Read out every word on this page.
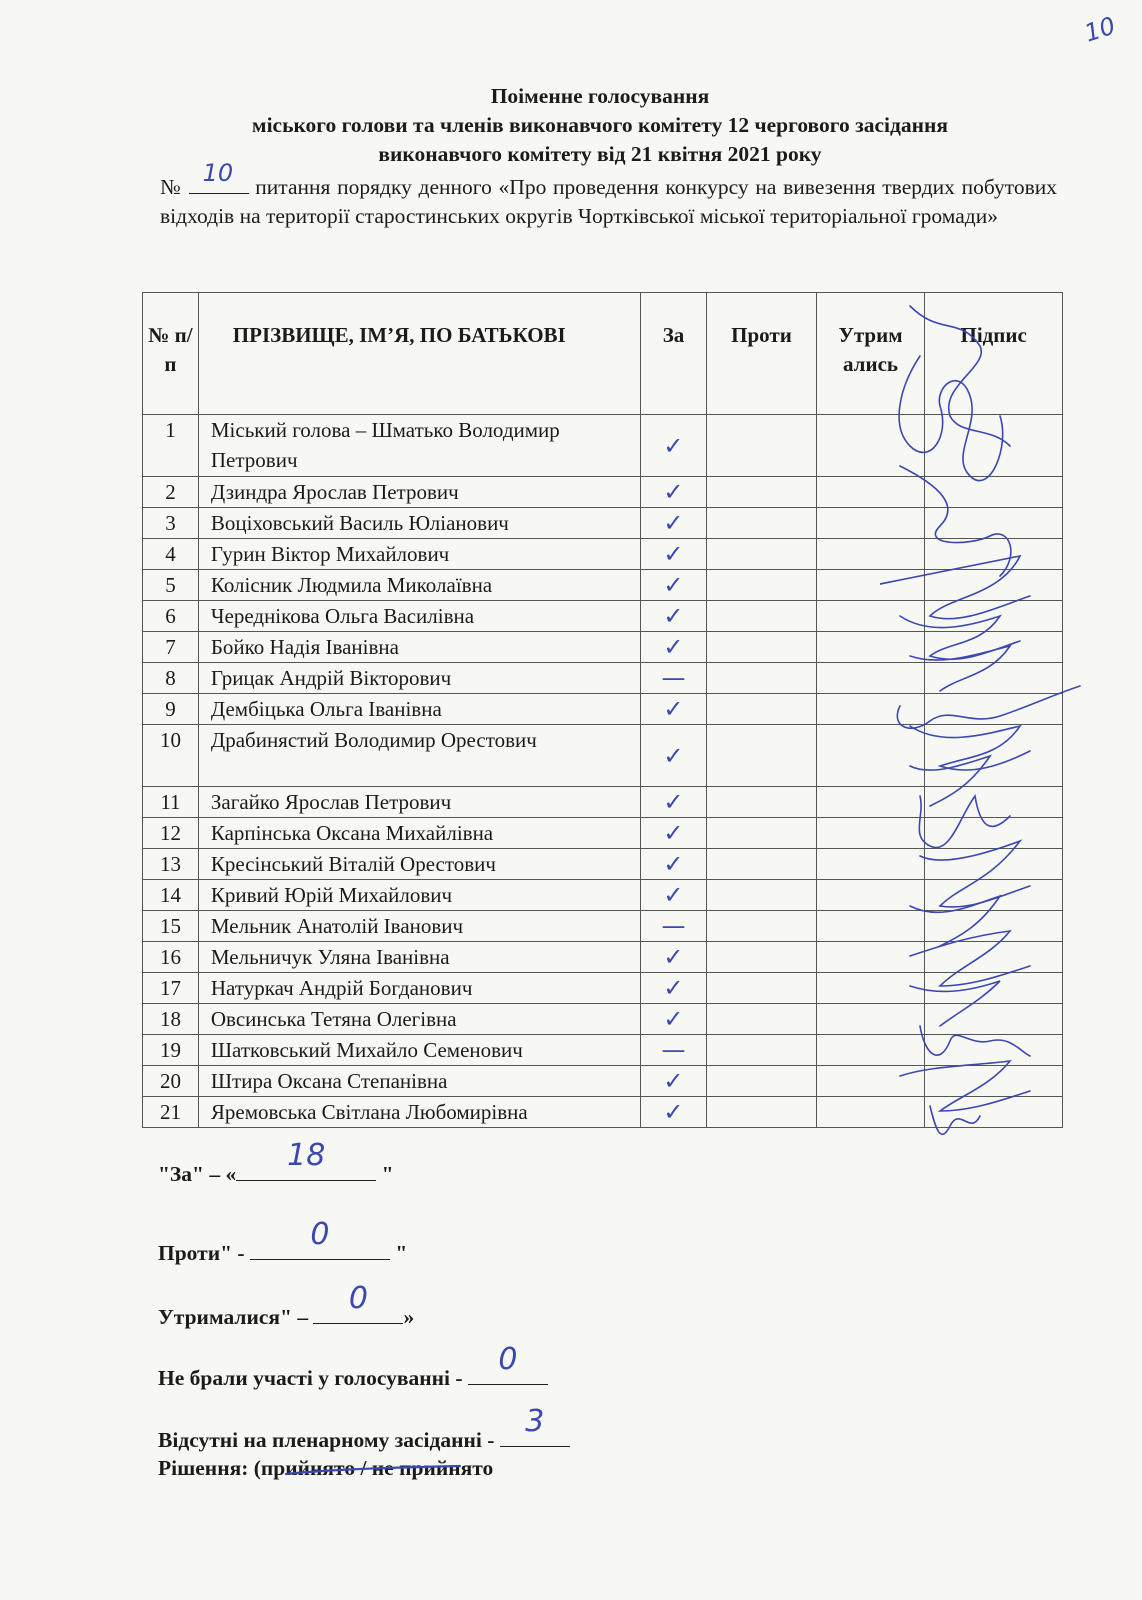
10
Поіменне голосування
міського голови та членів виконавчого комітету 12 чергового засідання
виконавчого комітету від 21 квітня 2021 року
№ 10 питання порядку денного «Про проведення конкурсу на вивезення твердих побутових відходів на території старостинських округів Чортківської міської територіальної громади»
№ п/п	ПРІЗВИЩЕ, ІМ’Я, ПО БАТЬКОВІ	За	Проти	Утрим ались	Підпис
1	Міський голова – Шматько Володимир Петрович	✓			
2	Дзиндра Ярослав Петрович	✓			
3	Воціховський Василь Юліанович	✓			
4	Гурин Віктор Михайлович	✓			
5	Колісник Людмила Миколаївна	✓			
6	Череднікова Ольга Василівна	✓			
7	Бойко Надія Іванівна	✓			
8	Грицак Андрій Вікторович	—			
9	Дембіцька Ольга Іванівна	✓			
10	Драбинястий Володимир Орестович	✓			
11	Загайко Ярослав Петрович	✓			
12	Карпінська Оксана Михайлівна	✓			
13	Кресінський Віталій Орестович	✓			
14	Кривий Юрій Михайлович	✓			
15	Мельник Анатолій Іванович	—			
16	Мельничук Уляна Іванівна	✓			
17	Натуркач Андрій Богданович	✓			
18	Овсинська Тетяна Олегівна	✓			
19	Шатковський Михайло Семенович	—			
20	Штира Оксана Степанівна	✓			
21	Яремовська Світлана Любомирівна	✓			
"За" – «
18
"
Проти" -
0
"
Утрималися" –
0
»
Не брали участі у голосуванні -
0
Відсутні на пленарному засіданні -
3
Рішення: (прийнято / не прийнято
